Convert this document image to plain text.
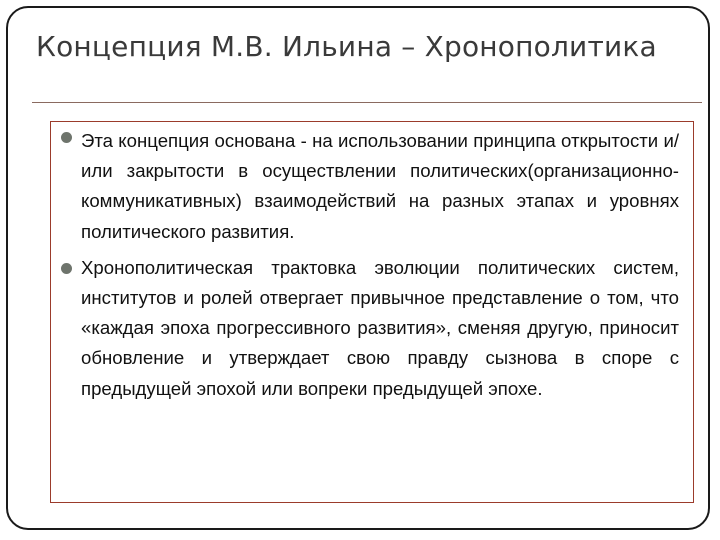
Концепция М.В. Ильина – Хронополитика
Эта концепция основана - на использовании принципа открытости и/или закрытости в осуществлении политических(организационно-коммуникативных) взаимодействий на разных этапах и уровнях политического развития.
Хронополитическая трактовка эволюции политических систем, институтов и ролей отвергает привычное представление о том, что «каждая эпоха прогрессивного развития», сменяя другую, приносит обновление и утверждает свою правду сызнова в споре с предыдущей эпохой или вопреки предыдущей эпохе.
